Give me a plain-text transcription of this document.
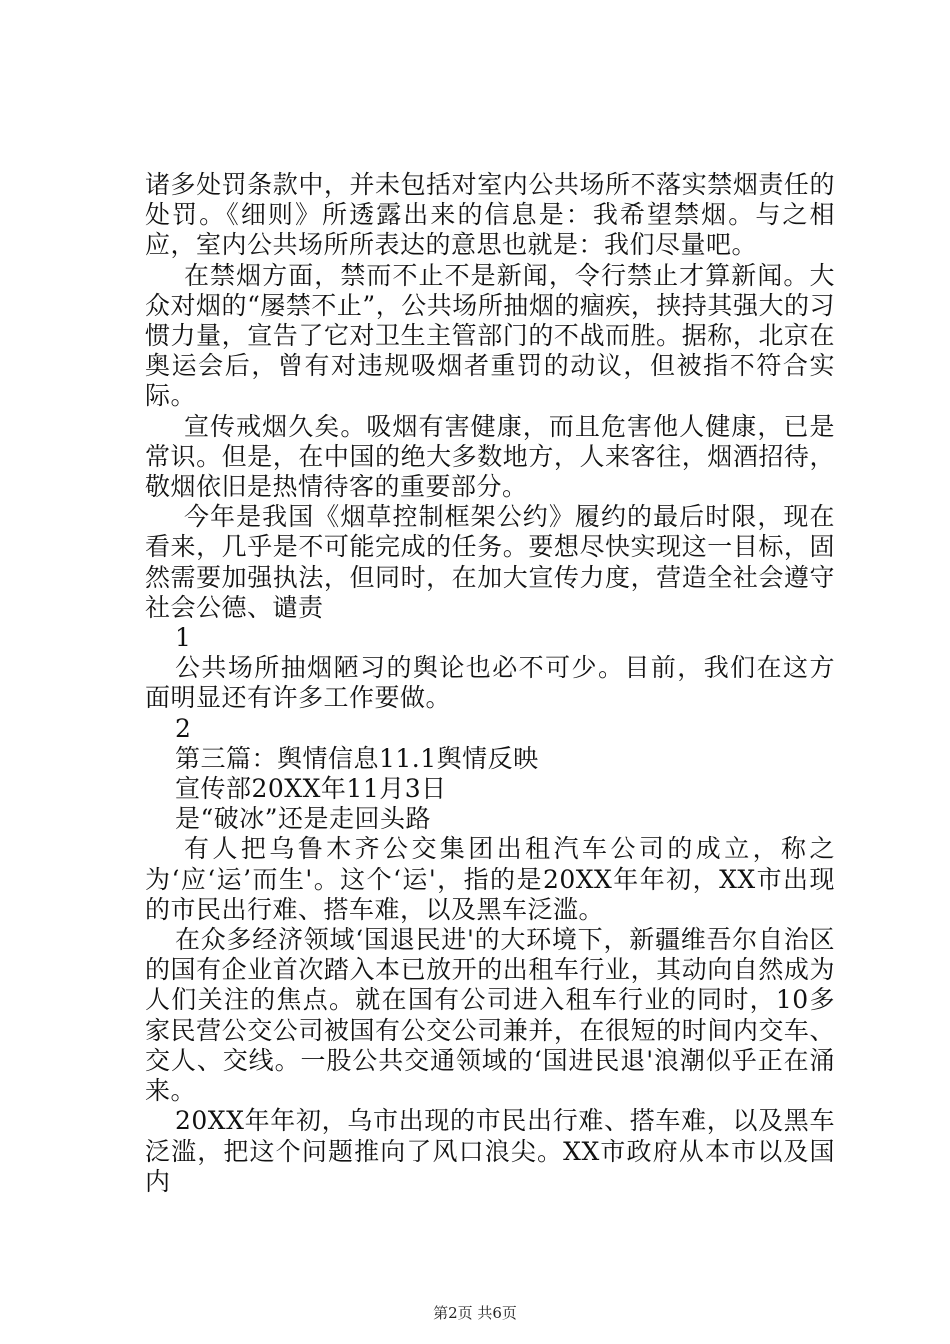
诸多处罚条款中，并未包括对室内公共场所不落实禁烟责任的处罚。《细则》所透露出来的信息是：我希望禁烟。与之相应，室内公共场所所表达的意思也就是：我们尽量吧。

在禁烟方面，禁而不止不是新闻，令行禁止才算新闻。大众对烟的“屡禁不止”，公共场所抽烟的痼疾，挟持其强大的习惯力量，宣告了它对卫生主管部门的不战而胜。据称，北京在奥运会后，曾有对违规吸烟者重罚的动议，但被指不符合实际。

宣传戒烟久矣。吸烟有害健康，而且危害他人健康，已是常识。但是，在中国的绝大多数地方，人来客往，烟酒招待，敬烟依旧是热情待客的重要部分。

今年是我国《烟草控制框架公约》履约的最后时限，现在看来，几乎是不可能完成的任务。要想尽快实现这一目标，固然需要加强执法，但同时，在加大宣传力度，营造全社会遵守社会公德、谴责

1

公共场所抽烟陋习的舆论也必不可少。目前，我们在这方面明显还有许多工作要做。

2

第三篇：舆情信息11.1舆情反映

宣传部20XX年11月3日

是“破冰”还是走回头路

有人把乌鲁木齐公交集团出租汽车公司的成立，称之为‘应‘运’而生'。这个‘运'，指的是20XX年年初，XX市出现的市民出行难、搭车难，以及黑车泛滥。

在众多经济领域‘国退民进'的大环境下，新疆维吾尔自治区的国有企业首次踏入本已放开的出租车行业，其动向自然成为人们关注的焦点。就在国有公司进入租车行业的同时，10多家民营公交公司被国有公交公司兼并，在很短的时间内交车、交人、交线。一股公共交通领域的‘国进民退'浪潮似乎正在涌来。

20XX年年初，乌市出现的市民出行难、搭车难，以及黑车泛滥，把这个问题推向了风口浪尖。XX市政府从本市以及国内

第2页 共6页
